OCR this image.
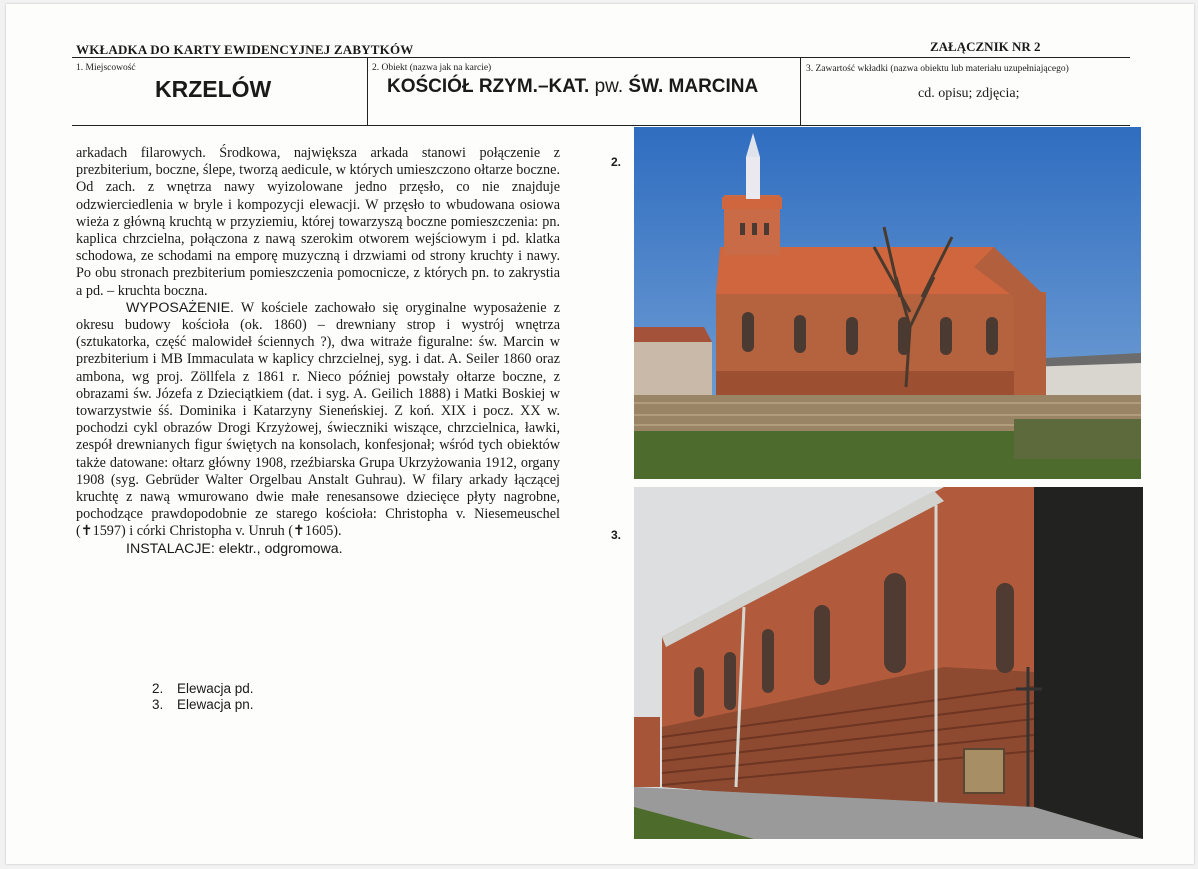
WKŁADKA DO KARTY EWIDENCYJNEJ ZABYTKÓW	ZAŁĄCZNIK NR 2
1. Miejscowość
KRZELÓW
2. Obiekt (nazwa jak na karcie)
KOŚCIÓŁ RZYM.–KAT. pw. ŚW. MARCINA
3. Zawartość wkładki (nazwa obiektu lub materiału uzupełniającego)
cd. opisu; zdjęcia;

arkadach filarowych. Środkowa, największa arkada stanowi połączenie z prezbiterium, boczne, ślepe, tworzą aedicule, w których umieszczono ołtarze boczne. Od zach. z wnętrza nawy wyizolowane jedno przęsło, co nie znajduje odzwierciedlenia w bryle i kompozycji elewacji. W przęsło to wbudowana osiowa wieża z główną kruchtą w przyziemiu, której towarzyszą boczne pomieszczenia: pn. kaplica chrzcielna, połączona z nawą szerokim otworem wejściowym i pd. klatka schodowa, ze schodami na emporę muzyczną i drzwiami od strony kruchty i nawy. Po obu stronach prezbiterium pomieszczenia pomocnicze, z których pn. to zakrystia a pd. – kruchta boczna.

WYPOSAŻENIE. W kościele zachowało się oryginalne wyposażenie z okresu budowy kościoła (ok. 1860) – drewniany strop i wystrój wnętrza (sztukatorka, część malowideł ściennych ?), dwa witraże figuralne: św. Marcin w prezbiterium i MB Immaculata w kaplicy chrzcielnej, syg. i dat. A. Seiler 1860 oraz ambona, wg proj. Zöllfela z 1861 r. Nieco później powstały ołtarze boczne, z obrazami św. Józefa z Dzieciątkiem (dat. i syg. A. Geilich 1888) i Matki Boskiej w towarzystwie śś. Dominika i Katarzyny Sieneńskiej. Z koń. XIX i pocz. XX w. pochodzi cykl obrazów Drogi Krzyżowej, świeczniki wiszące, chrzcielnica, ławki, zespół drewnianych figur świętych na konsolach, konfesjonał; wśród tych obiektów także datowane: ołtarz główny 1908, rzeźbiarska Grupa Ukrzyżowania 1912, organy 1908 (syg. Gebrüder Walter Orgelbau Anstalt Guhrau). W filary arkady łączącej kruchtę z nawą wmurowano dwie małe renesansowe dziecięce płyty nagrobne, pochodzące prawdopodobnie ze starego kościoła: Christopha v. Niesemeuschel (✝1597) i córki Christopha v. Unruh (✝1605).

INSTALACJE: elektr., odgromowa.

2. Elewacja pd.
3. Elewacja pn.
2.
3.
